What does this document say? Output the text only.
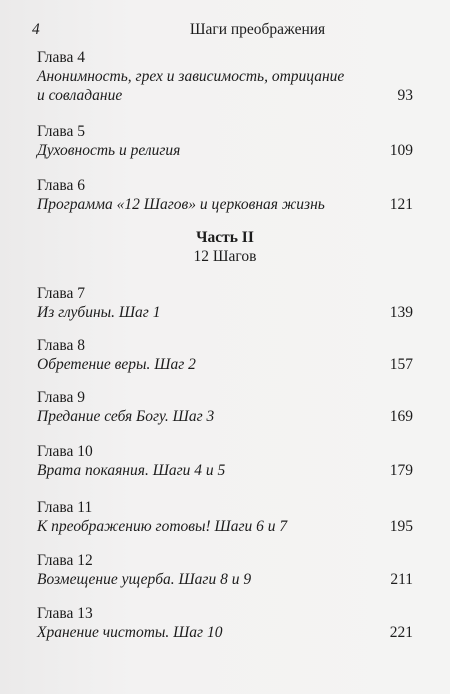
4	Шаги преображения
Глава 4
Анонимность, грех и зависимость, отрицание
и совладание	93
Глава 5
Духовность и религия	109
Глава 6
Программа «12 Шагов» и церковная жизнь	121
Часть II
12 Шагов
Глава 7
Из глубины. Шаг 1	139
Глава 8
Обретение веры. Шаг 2	157
Глава 9
Предание себя Богу. Шаг 3	169
Глава 10
Врата покаяния. Шаги 4 и 5	179
Глава 11
К преображению готовы! Шаги 6 и 7	195
Глава 12
Возмещение ущерба. Шаги 8 и 9	211
Глава 13
Хранение чистоты. Шаг 10	221
